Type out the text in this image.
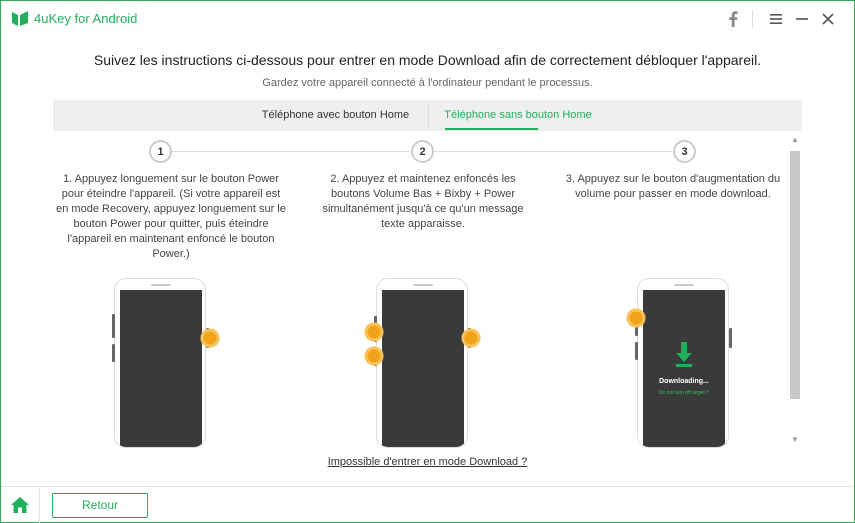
4uKey for Android
Suivez les instructions ci-dessous pour entrer en mode Download afin de correctement débloquer l'appareil.
Gardez votre appareil connecté à l'ordinateur pendant le processus.
Téléphone avec bouton Home	Téléphone sans bouton Home
▲
▼
1	2	3
1. Appuyez longuement sur le bouton Power pour éteindre l'appareil. (Si votre appareil est en mode Recovery, appuyez longuement sur le bouton Power pour quitter, puis éteindre l'appareil en maintenant enfoncé le bouton Power.)
2. Appuyez et maintenez enfoncés les boutons Volume Bas + Bixby + Power simultanément jusqu'à ce qu'un message texte apparaisse.
3. Appuyez sur le bouton d'augmentation du volume pour passer en mode download.
Downloading...
Do not turn off target !!
Impossible d'entrer en mode Download ?
Retour
